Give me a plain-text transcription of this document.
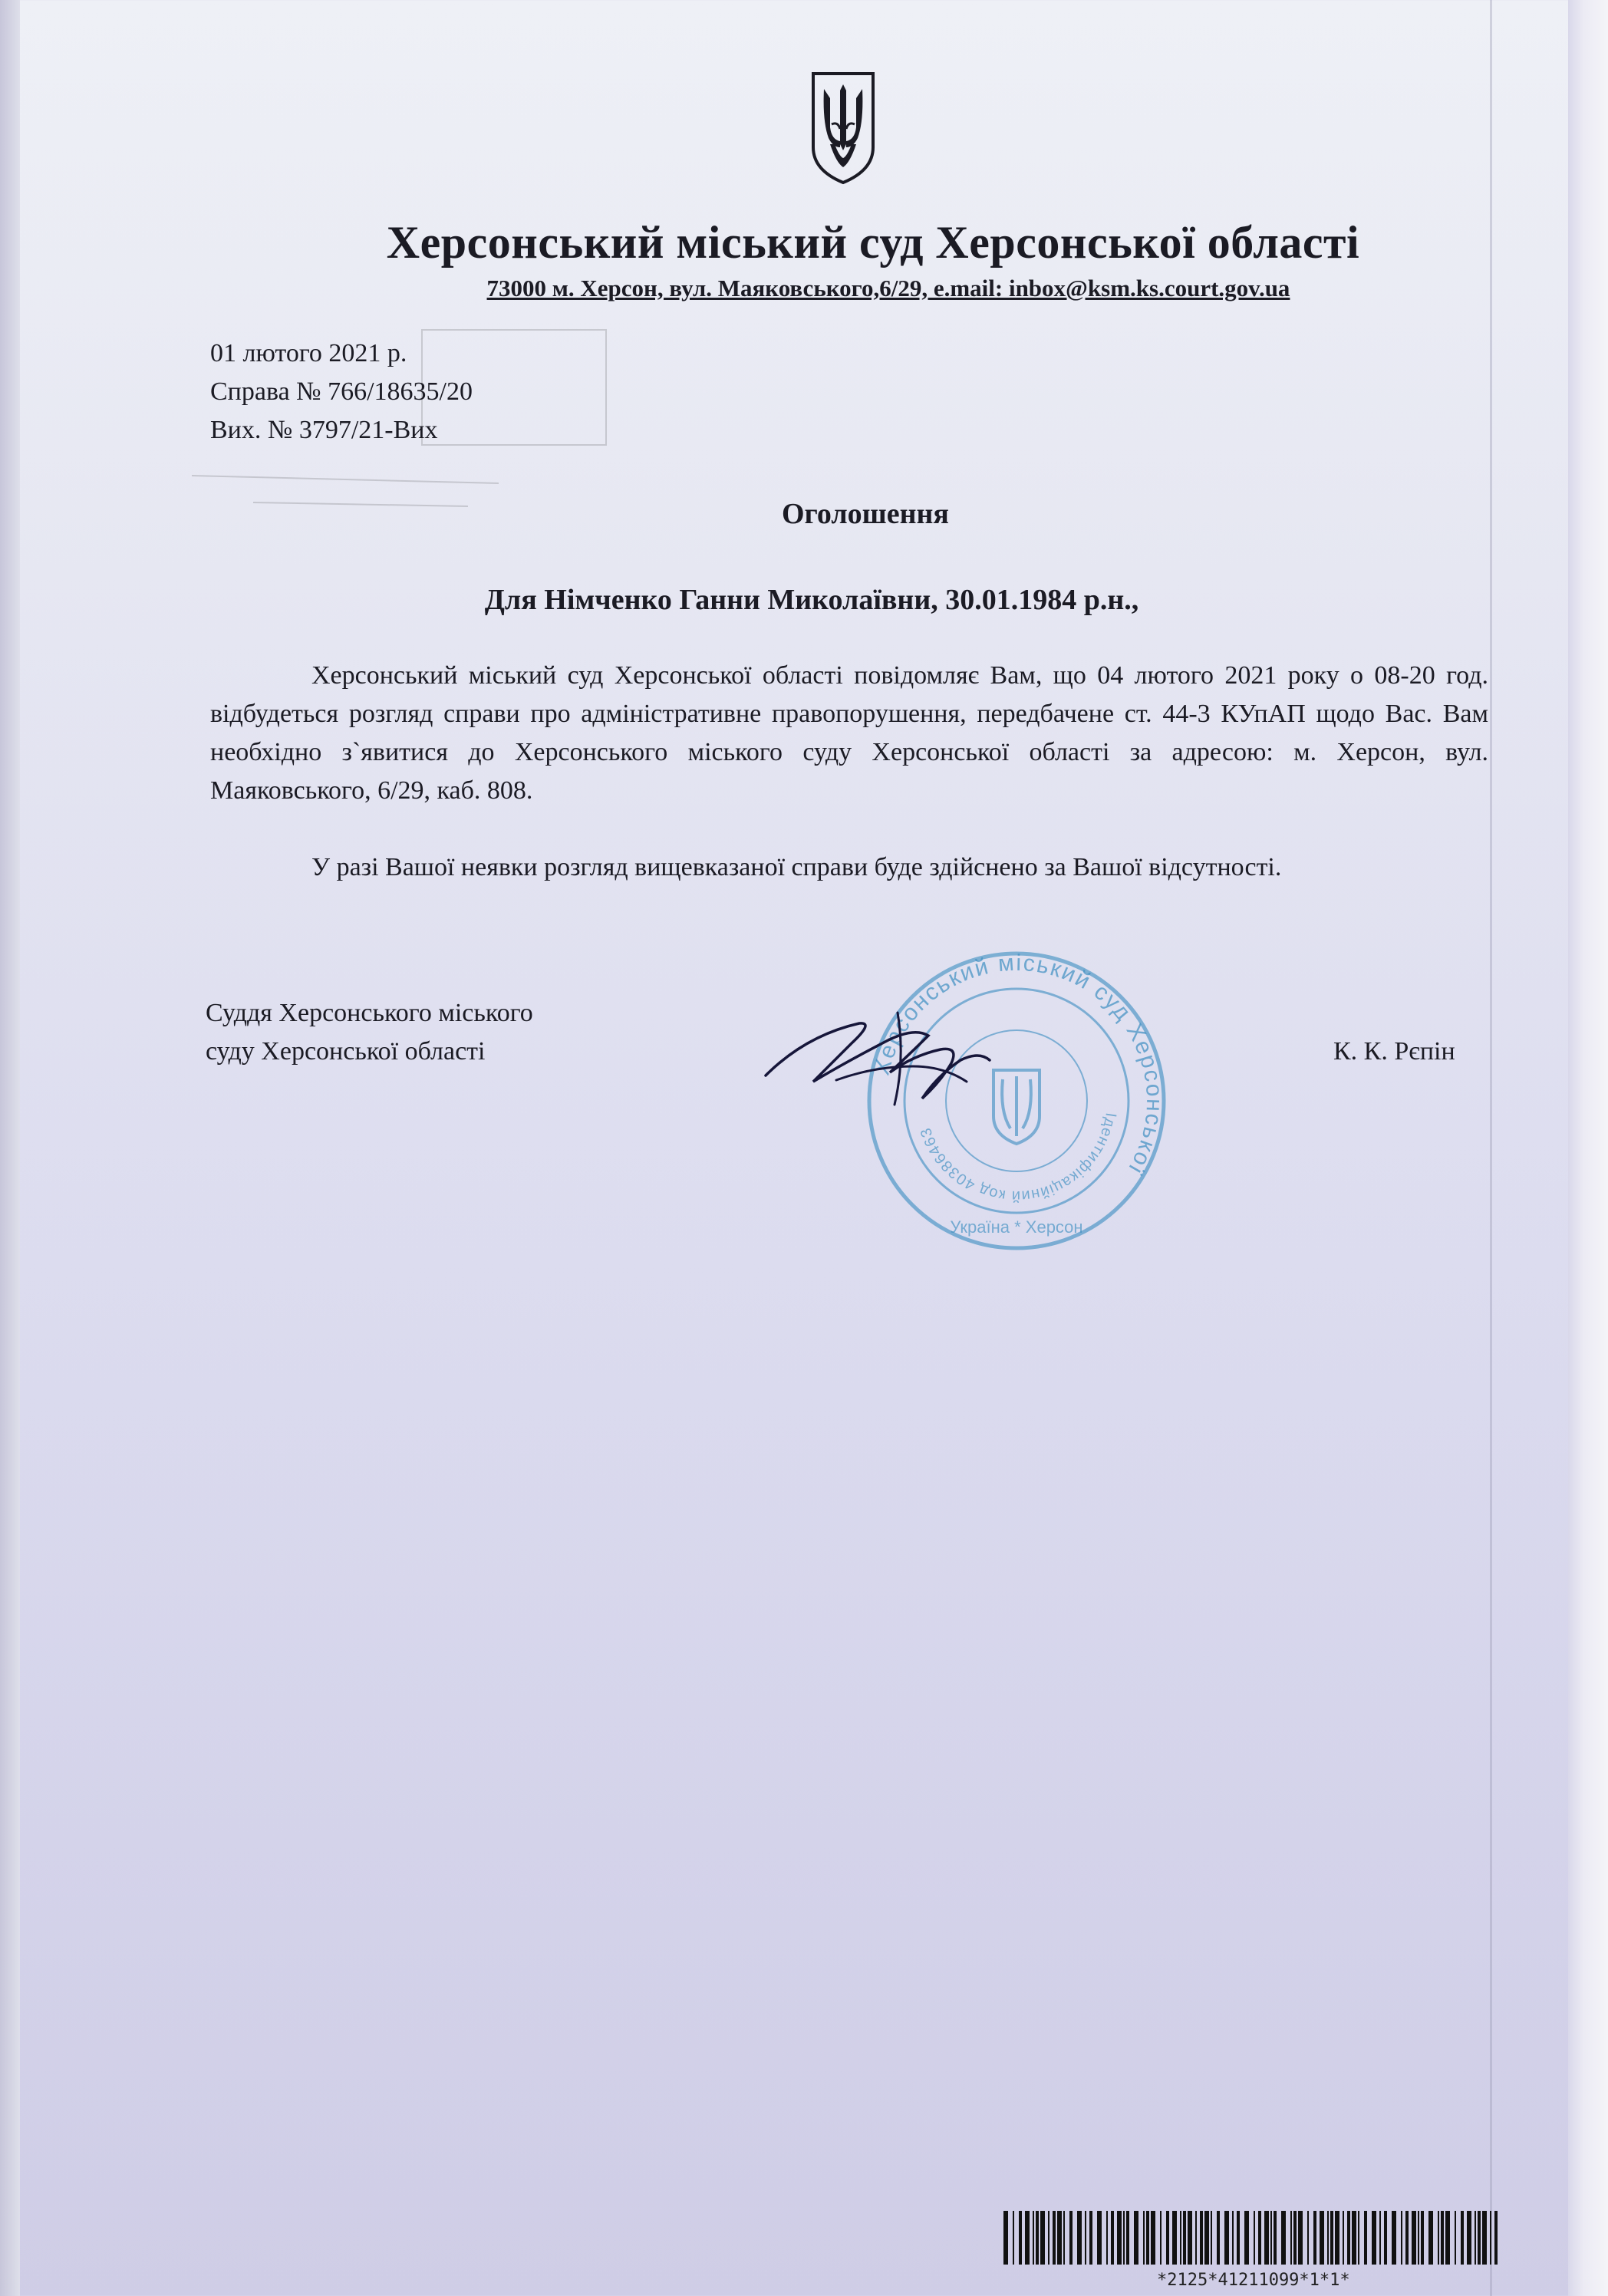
Херсонський міський суд Херсонської області
73000 м. Херсон, вул. Маяковського,6/29, e.mail: inbox@ksm.ks.court.gov.ua
01 лютого 2021 р.
Справа № 766/18635/20
Вих. № 3797/21-Вих
Оголошення
Для Німченко Ганни Миколаївни, 30.01.1984 р.н.,
Херсонський міський суд Херсонської області повідомляє Вам, що 04 лютого 2021 року о 08-20 год. відбудеться розгляд справи про адміністративне правопорушення, передбачене ст. 44-3 КУпАП щодо Вас. Вам необхідно з`явитися до Херсонського міського суду Херсонської області за адресою: м. Херсон, вул. Маяковського, 6/29, каб. 808.
У разі Вашої неявки розгляд вищевказаної справи буде здійснено за Вашої відсутності.
Суддя Херсонського міського
суду Херсонської області	К. К. Рєпін
Херсонський міський суд Херсонської
Ідентифікаційний код 40386463
Україна * Херсон
*2125*41211099*1*1*
